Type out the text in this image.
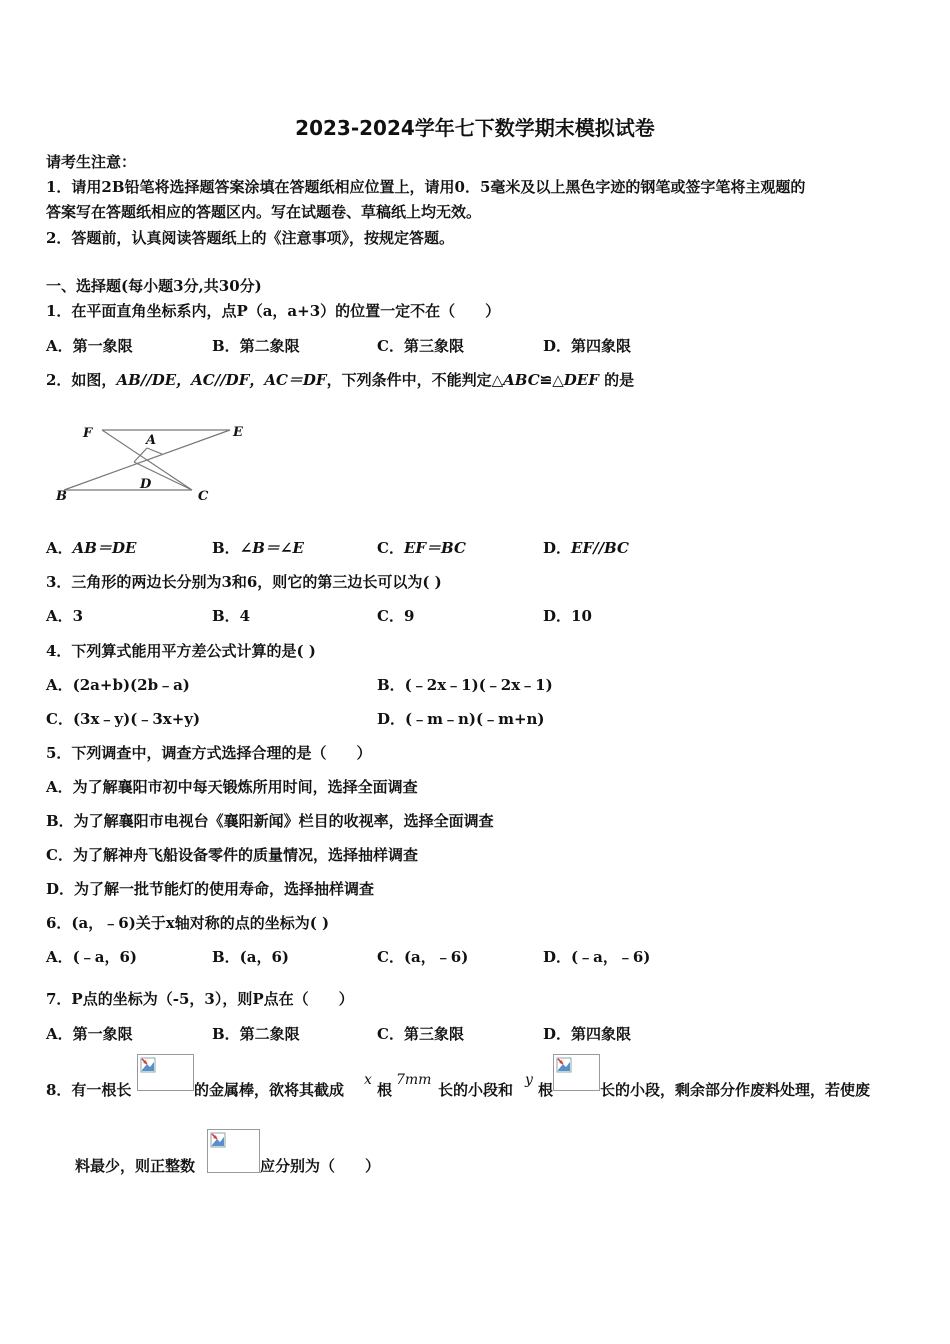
2023-2024学年七下数学期末模拟试卷
请考生注意：
1．请用2B铅笔将选择题答案涂填在答题纸相应位置上，请用0．5毫米及以上黑色字迹的钢笔或签字笔将主观题的
答案写在答题纸相应的答题区内。写在试题卷、草稿纸上均无效。
2．答题前，认真阅读答题纸上的《注意事项》，按规定答题。
一、选择题(每小题3分,共30分)
1．在平面直角坐标系内，点P（a，a+3）的位置一定不在（　　）
A．第一象限	B．第二象限	C．第三象限	D．第四象限
2．如图，AB//DE，AC//DF，AC＝DF，下列条件中，不能判定△ABC≌△DEF 的是
F	A
E
D
B	C
A．AB＝DE	B．∠B＝∠E	C．EF＝BC	D．EF//BC
3．三角形的两边长分别为3和6，则它的第三边长可以为( )
A．3	B．4	C．9	D．10
4．下列算式能用平方差公式计算的是( )
A．(2a+b)(2b﹣a)	B．(﹣2x﹣1)(﹣2x﹣1)
C．(3x﹣y)(﹣3x+y)	D．(﹣m﹣n)(﹣m+n)
5．下列调查中，调查方式选择合理的是（　　）
A．为了解襄阳市初中每天锻炼所用时间，选择全面调查
B．为了解襄阳市电视台《襄阳新闻》栏目的收视率，选择全面调查
C．为了解神舟飞船设备零件的质量情况，选择抽样调查
D．为了解一批节能灯的使用寿命，选择抽样调查
6．(a，﹣6)关于x轴对称的点的坐标为( )
A．(﹣a，6)	B．(a，6)	C．(a，﹣6)	D．(﹣a，﹣6)
7．P点的坐标为（-5，3），则P点在（　　）
A．第一象限	B．第二象限	C．第三象限	D．第四象限
8．有一根长	的金属棒，欲将其截成
x
根
7mm
长的小段和
y
根	长的小段，剩余部分作废料处理，若使废
料最少，则正整数	应分别为（　　）
